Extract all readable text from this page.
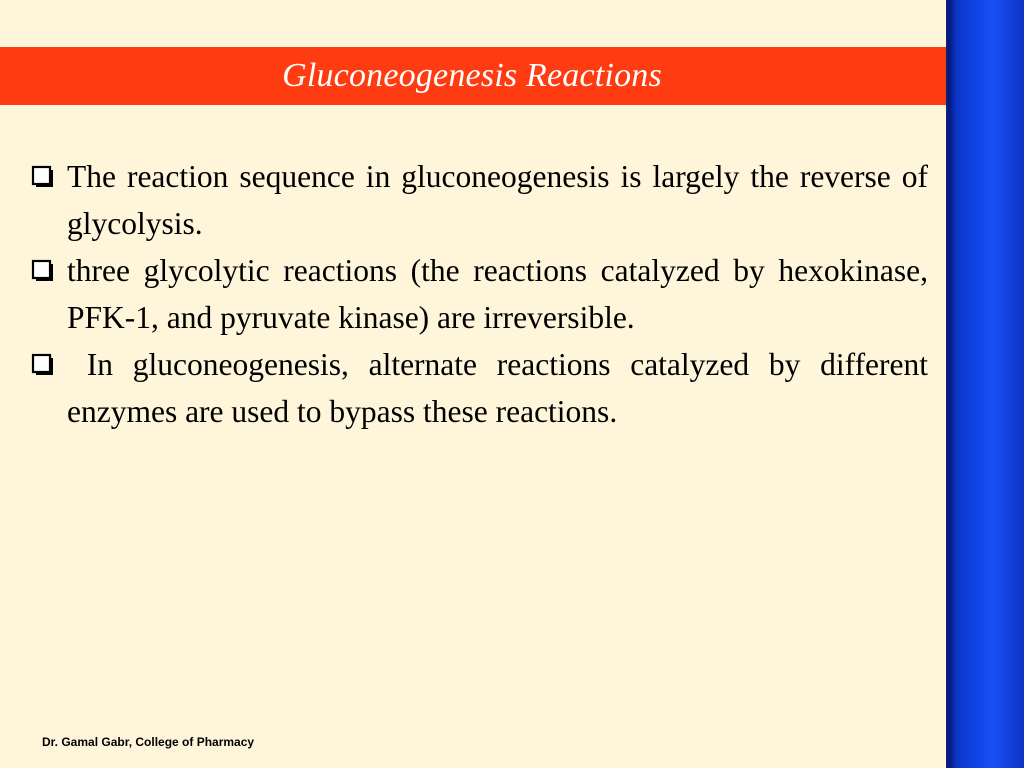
Gluconeogenesis Reactions
The reaction sequence in gluconeogenesis is largely the reverse of glycolysis.
three glycolytic reactions (the reactions catalyzed by hexokinase, PFK-1, and pyruvate kinase) are irreversible.
In gluconeogenesis, alternate reactions catalyzed by different enzymes are used to bypass these reactions.
Dr. Gamal Gabr, College of Pharmacy
